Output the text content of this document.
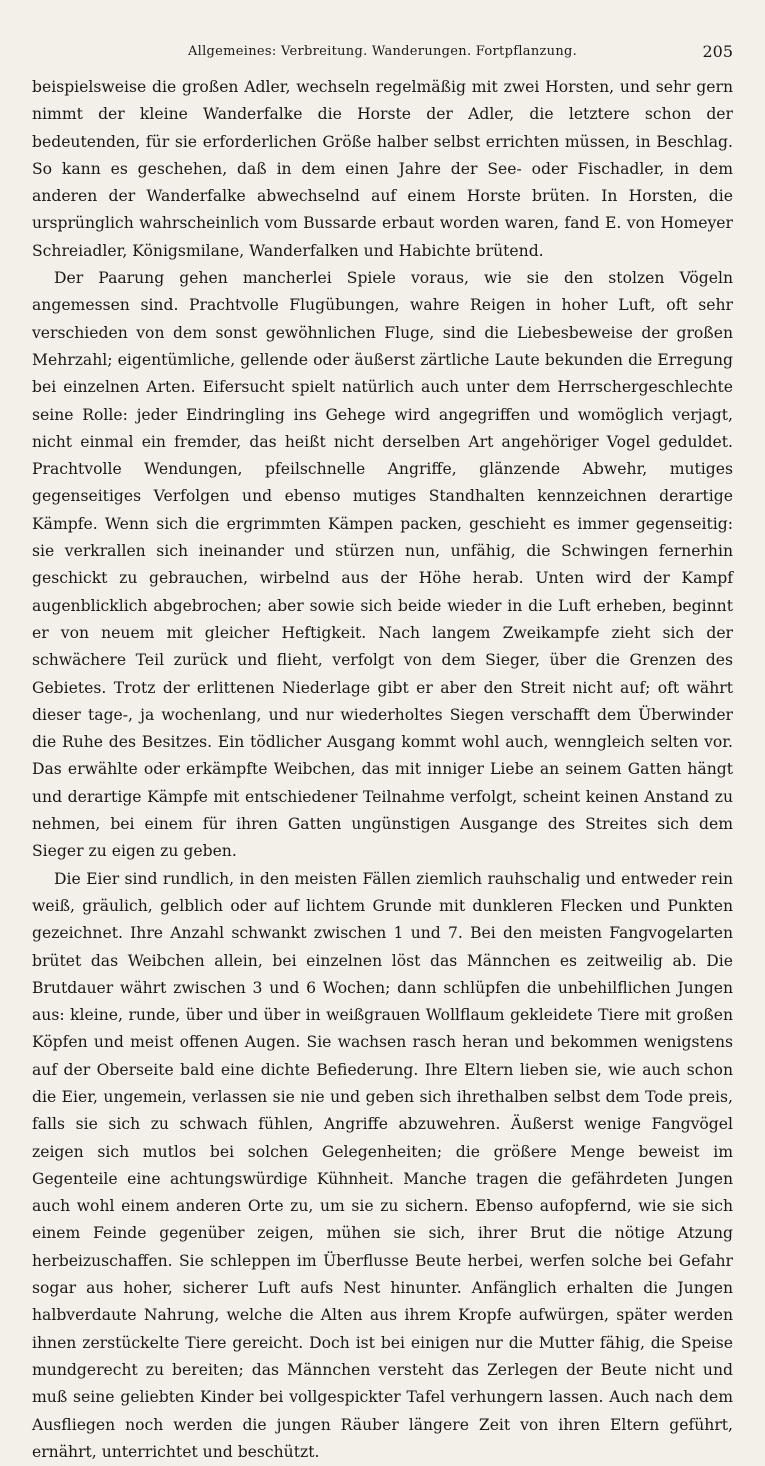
Allgemeines: Verbreitung. Wanderungen. Fortpflanzung.	205

beispielsweise die großen Adler, wechseln regelmäßig mit zwei Horsten, und sehr gern nimmt der kleine Wanderfalke die Horste der Adler, die letztere schon der bedeutenden, für sie erforderlichen Größe halber selbst errichten müssen, in Beschlag. So kann es geschehen, daß in dem einen Jahre der See- oder Fischadler, in dem anderen der Wanderfalke abwechselnd auf einem Horste brüten. In Horsten, die ursprünglich wahrscheinlich vom Bussarde erbaut worden waren, fand E. von Homeyer Schreiadler, Königsmilane, Wanderfalken und Habichte brütend.

Der Paarung gehen mancherlei Spiele voraus, wie sie den stolzen Vögeln angemessen sind. Prachtvolle Flugübungen, wahre Reigen in hoher Luft, oft sehr verschieden von dem sonst gewöhnlichen Fluge, sind die Liebesbeweise der großen Mehrzahl; eigentümliche, gellende oder äußerst zärtliche Laute bekunden die Erregung bei einzelnen Arten. Eifersucht spielt natürlich auch unter dem Herrschergeschlechte seine Rolle: jeder Eindringling ins Gehege wird angegriffen und womöglich verjagt, nicht einmal ein fremder, das heißt nicht derselben Art angehöriger Vogel geduldet. Prachtvolle Wendungen, pfeilschnelle Angriffe, glänzende Abwehr, mutiges gegenseitiges Verfolgen und ebenso mutiges Standhalten kennzeichnen derartige Kämpfe. Wenn sich die ergrimmten Kämpen packen, geschieht es immer gegenseitig: sie verkrallen sich ineinander und stürzen nun, unfähig, die Schwingen fernerhin geschickt zu gebrauchen, wirbelnd aus der Höhe herab. Unten wird der Kampf augenblicklich abgebrochen; aber sowie sich beide wieder in die Luft erheben, beginnt er von neuem mit gleicher Heftigkeit. Nach langem Zweikampfe zieht sich der schwächere Teil zurück und flieht, verfolgt von dem Sieger, über die Grenzen des Gebietes. Trotz der erlittenen Niederlage gibt er aber den Streit nicht auf; oft währt dieser tage-, ja wochenlang, und nur wiederholtes Siegen verschafft dem Überwinder die Ruhe des Besitzes. Ein tödlicher Ausgang kommt wohl auch, wenngleich selten vor. Das erwählte oder erkämpfte Weibchen, das mit inniger Liebe an seinem Gatten hängt und derartige Kämpfe mit entschiedener Teilnahme verfolgt, scheint keinen Anstand zu nehmen, bei einem für ihren Gatten ungünstigen Ausgange des Streites sich dem Sieger zu eigen zu geben.

Die Eier sind rundlich, in den meisten Fällen ziemlich rauhschalig und entweder rein weiß, gräulich, gelblich oder auf lichtem Grunde mit dunkleren Flecken und Punkten gezeichnet. Ihre Anzahl schwankt zwischen 1 und 7. Bei den meisten Fangvogelarten brütet das Weibchen allein, bei einzelnen löst das Männchen es zeitweilig ab. Die Brutdauer währt zwischen 3 und 6 Wochen; dann schlüpfen die unbehilflichen Jungen aus: kleine, runde, über und über in weißgrauen Wollflaum gekleidete Tiere mit großen Köpfen und meist offenen Augen. Sie wachsen rasch heran und bekommen wenigstens auf der Oberseite bald eine dichte Befiederung. Ihre Eltern lieben sie, wie auch schon die Eier, ungemein, verlassen sie nie und geben sich ihrethalben selbst dem Tode preis, falls sie sich zu schwach fühlen, Angriffe abzuwehren. Äußerst wenige Fangvögel zeigen sich mutlos bei solchen Gelegenheiten; die größere Menge beweist im Gegenteile eine achtungswürdige Kühnheit. Manche tragen die gefährdeten Jungen auch wohl einem anderen Orte zu, um sie zu sichern. Ebenso aufopfernd, wie sie sich einem Feinde gegenüber zeigen, mühen sie sich, ihrer Brut die nötige Atzung herbeizuschaffen. Sie schleppen im Überflusse Beute herbei, werfen solche bei Gefahr sogar aus hoher, sicherer Luft aufs Nest hinunter. Anfänglich erhalten die Jungen halbverdaute Nahrung, welche die Alten aus ihrem Kropfe aufwürgen, später werden ihnen zerstückelte Tiere gereicht. Doch ist bei einigen nur die Mutter fähig, die Speise mundgerecht zu bereiten; das Männchen versteht das Zerlegen der Beute nicht und muß seine geliebten Kinder bei vollgespickter Tafel verhungern lassen. Auch nach dem Ausfliegen noch werden die jungen Räuber längere Zeit von ihren Eltern geführt, ernährt, unterrichtet und beschützt.
